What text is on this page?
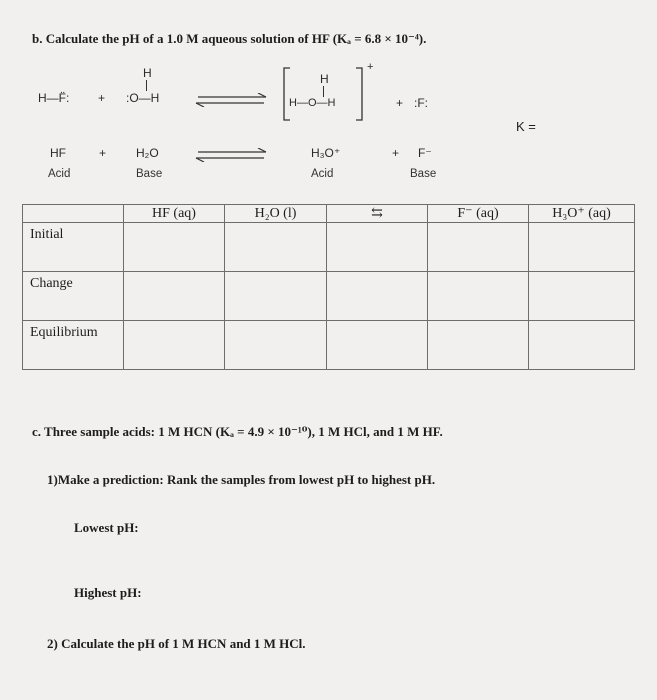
b. Calculate the pH of a 1.0 M aqueous solution of HF (Kₐ = 6.8 × 10⁻⁴).
H—F̈: +
H
:O—H
H
H—O—H
+
+ :F:
K =
HF	+ H₂O	H₃O⁺	+ F⁻
Acid	Base	Acid	Base
	HF (aq)	H₂O (l)	⇆	F⁻ (aq)	H₃O⁺ (aq)
Initial					
Change					
Equilibrium					
c. Three sample acids: 1 M HCN (Kₐ = 4.9 × 10⁻¹⁰), 1 M HCl, and 1 M HF.
1)Make a prediction: Rank the samples from lowest pH to highest pH.
Lowest pH:
Highest pH:
2) Calculate the pH of 1 M HCN and 1 M HCl.
